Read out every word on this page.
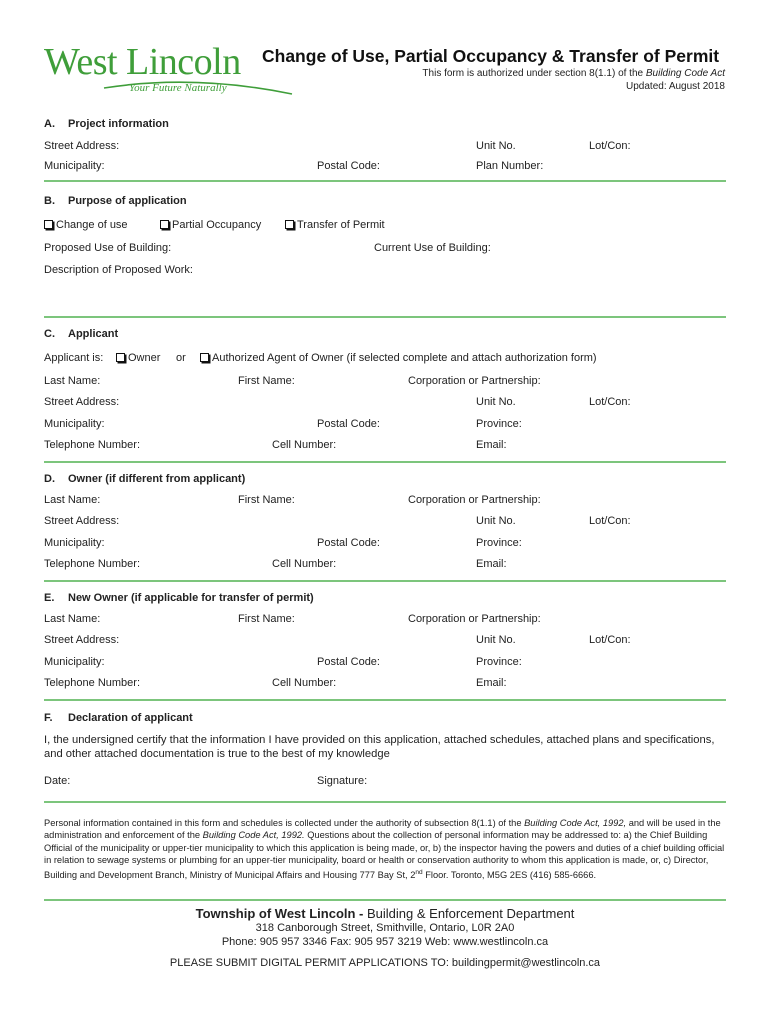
West Lincoln
Your Future Naturally
Change of Use, Partial Occupancy & Transfer of Permit
This form is authorized under section 8(1.1) of the Building Code Act
Updated: August 2018
A. Project information
Street Address:	Unit No.	Lot/Con:
Municipality:	Postal Code:	Plan Number:
B. Purpose of application
Change of use	Partial Occupancy	Transfer of Permit
Proposed Use of Building:	Current Use of Building:
Description of Proposed Work:
C. Applicant
Applicant is:	Owner or	Authorized Agent of Owner (if selected complete and attach authorization form)
Last Name:	First Name:	Corporation or Partnership:
Street Address:	Unit No.	Lot/Con:
Municipality:	Postal Code:	Province:
Telephone Number:	Cell Number:	Email:
D. Owner (if different from applicant)
Last Name:	First Name:	Corporation or Partnership:
Street Address:	Unit No.	Lot/Con:
Municipality:	Postal Code:	Province:
Telephone Number:	Cell Number:	Email:
E. New Owner (if applicable for transfer of permit)
Last Name:	First Name:	Corporation or Partnership:
Street Address:	Unit No.	Lot/Con:
Municipality:	Postal Code:	Province:
Telephone Number:	Cell Number:	Email:
F. Declaration of applicant
I, the undersigned certify that the information I have provided on this application, attached schedules, attached plans and specifications, and other attached documentation is true to the best of my knowledge
Date:	Signature:
Personal information contained in this form and schedules is collected under the authority of subsection 8(1.1) of the Building Code Act, 1992, and will be used in the administration and enforcement of the Building Code Act, 1992. Questions about the collection of personal information may be addressed to: a) the Chief Building Official of the municipality or upper-tier municipality to which this application is being made, or, b) the inspector having the powers and duties of a chief building official in relation to sewage systems or plumbing for an upper-tier municipality, board or health or conservation authority to whom this application is made, or, c) Director, Building and Development Branch, Ministry of Municipal Affairs and Housing 777 Bay St, 2nd Floor. Toronto, M5G 2ES (416) 585-6666.
Township of West Lincoln - Building & Enforcement Department
318 Canborough Street, Smithville, Ontario, L0R 2A0
Phone: 905 957 3346 Fax: 905 957 3219 Web: www.westlincoln.ca
PLEASE SUBMIT DIGITAL PERMIT APPLICATIONS TO: buildingpermit@westlincoln.ca
